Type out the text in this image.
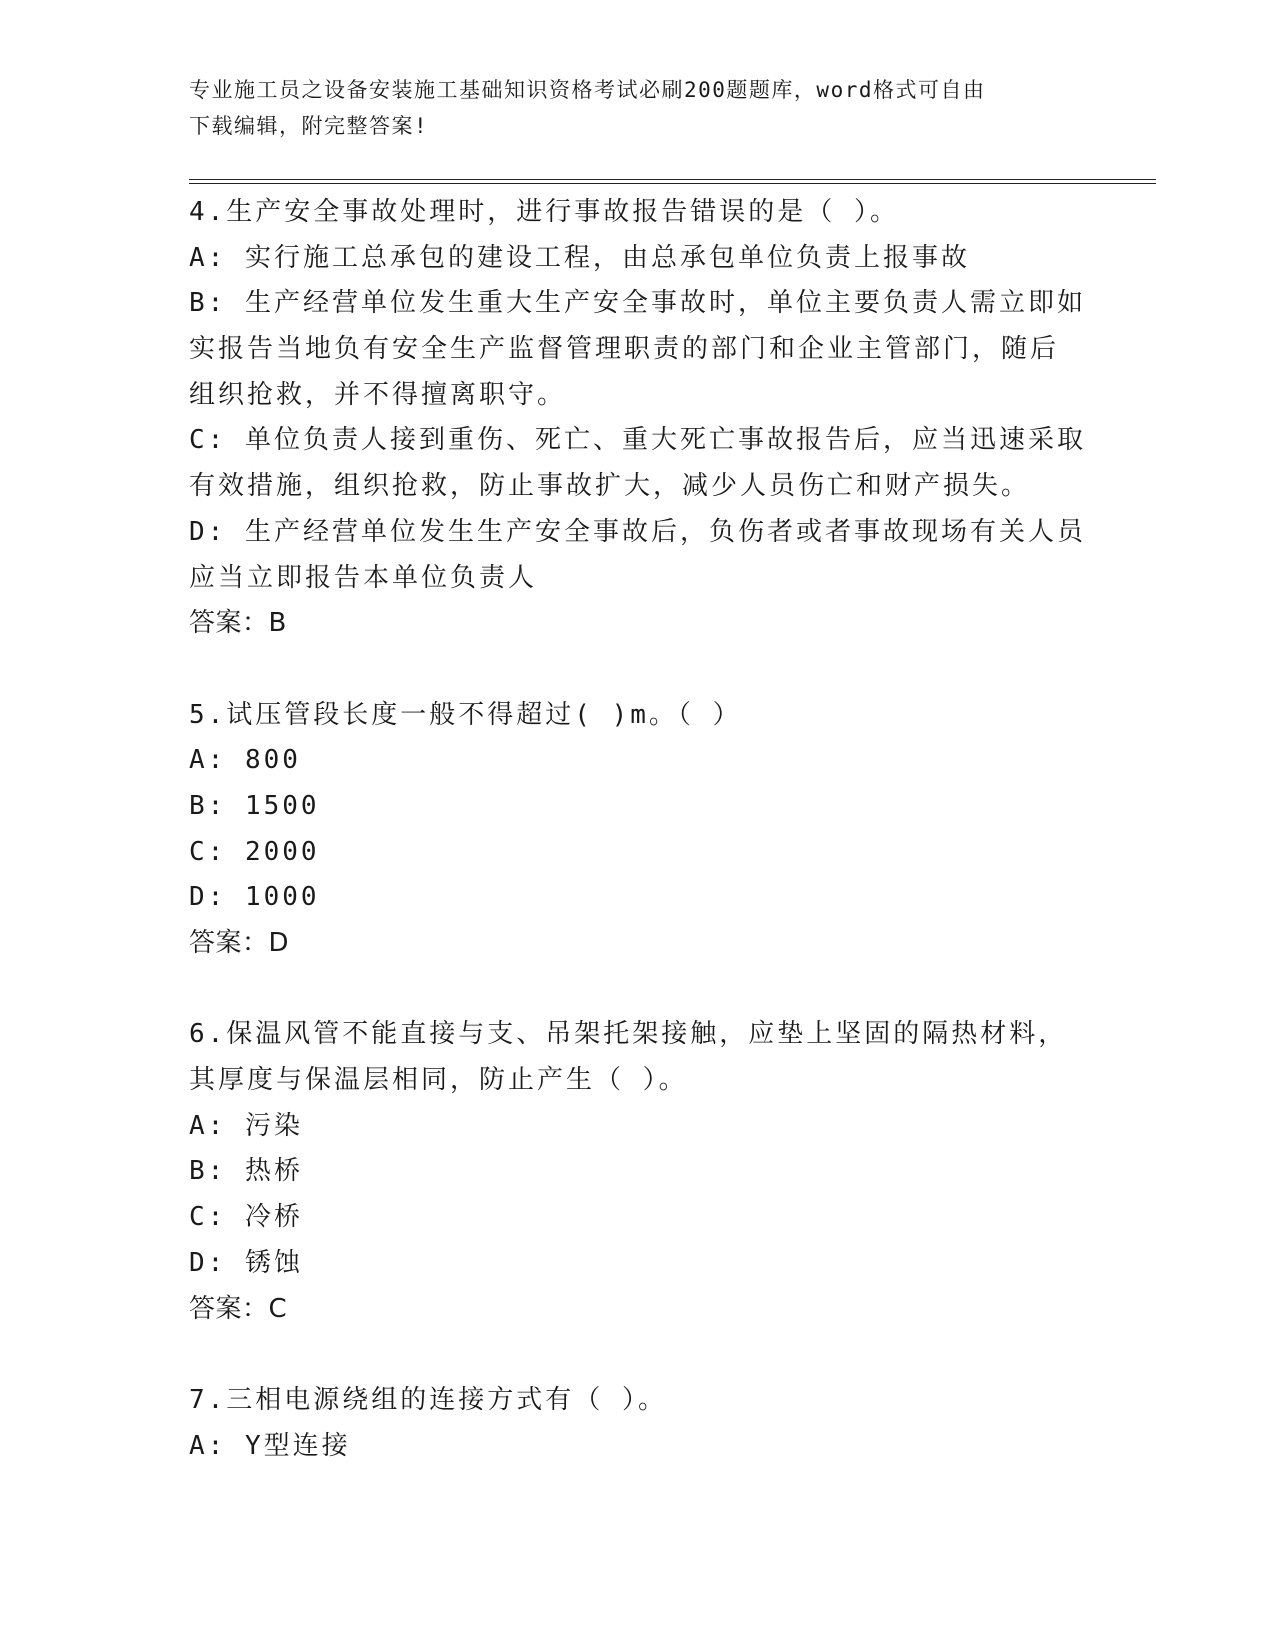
专业施工员之设备安装施工基础知识资格考试必刷200题题库，word格式可自由
下载编辑，附完整答案!
4.生产安全事故处理时，进行事故报告错误的是（ ）。
A: 实行施工总承包的建设工程，由总承包单位负责上报事故
B: 生产经营单位发生重大生产安全事故时，单位主要负责人需立即如
实报告当地负有安全生产监督管理职责的部门和企业主管部门，随后
组织抢救，并不得擅离职守。
C: 单位负责人接到重伤、死亡、重大死亡事故报告后，应当迅速采取
有效措施，组织抢救，防止事故扩大，减少人员伤亡和财产损失。
D: 生产经营单位发生生产安全事故后，负伤者或者事故现场有关人员
应当立即报告本单位负责人
答案：B
5.试压管段长度一般不得超过( )m。（ ）
A: 800
B: 1500
C: 2000
D: 1000
答案：D
6.保温风管不能直接与支、吊架托架接触，应垫上坚固的隔热材料，
其厚度与保温层相同，防止产生（ ）。
A: 污染
B: 热桥
C: 冷桥
D: 锈蚀
答案：C
7.三相电源绕组的连接方式有（ ）。
A: Y型连接
